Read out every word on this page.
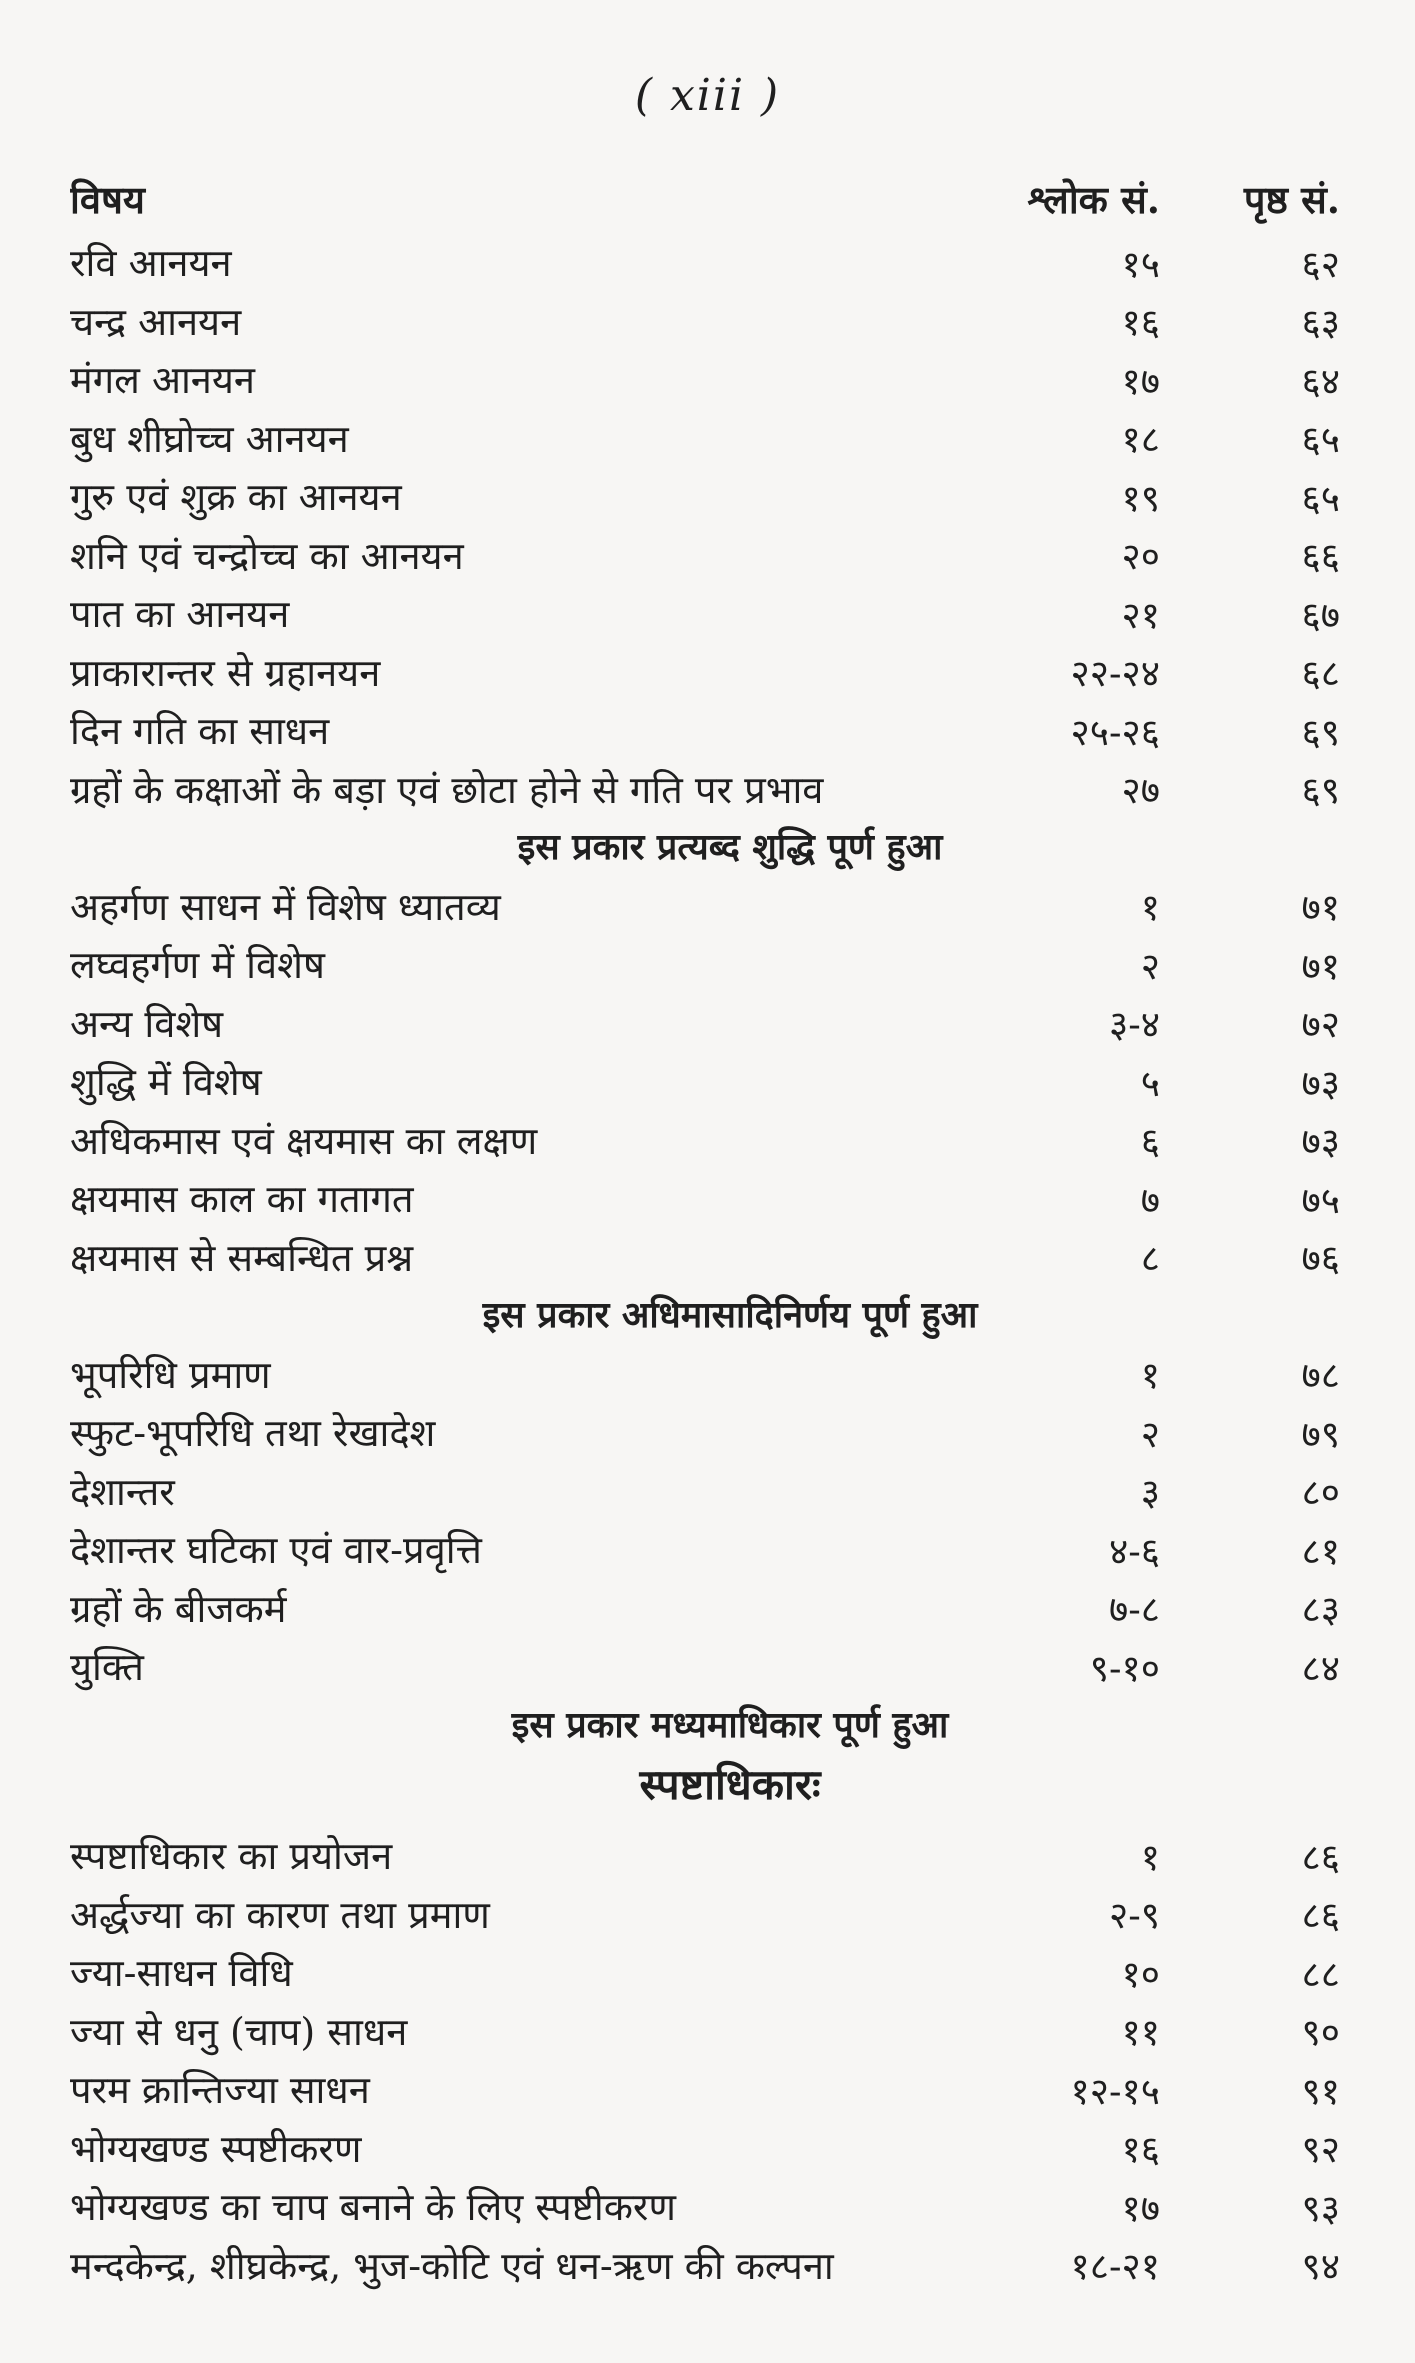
( xiii )
विषय	श्लोक सं.	पृष्ठ सं.
रवि आनयन	१५	६२
चन्द्र आनयन	१६	६३
मंगल आनयन	१७	६४
बुध शीघ्रोच्च आनयन	१८	६५
गुरु एवं शुक्र का आनयन	१९	६५
शनि एवं चन्द्रोच्च का आनयन	२०	६६
पात का आनयन	२१	६७
प्राकारान्तर से ग्रहानयन	२२-२४	६८
दिन गति का साधन	२५-२६	६९
ग्रहों के कक्षाओं के बड़ा एवं छोटा होने से गति पर प्रभाव	२७	६९
इस प्रकार प्रत्यब्द शुद्धि पूर्ण हुआ
अहर्गण साधन में विशेष ध्यातव्य	१	७१
लघ्वहर्गण में विशेष	२	७१
अन्य विशेष	३-४	७२
शुद्धि में विशेष	५	७३
अधिकमास एवं क्षयमास का लक्षण	६	७३
क्षयमास काल का गतागत	७	७५
क्षयमास से सम्बन्धित प्रश्न	८	७६
इस प्रकार अधिमासादिनिर्णय पूर्ण हुआ
भूपरिधि प्रमाण	१	७८
स्फुट-भूपरिधि तथा रेखादेश	२	७९
देशान्तर	३	८०
देशान्तर घटिका एवं वार-प्रवृत्ति	४-६	८१
ग्रहों के बीजकर्म	७-८	८३
युक्ति	९-१०	८४
इस प्रकार मध्यमाधिकार पूर्ण हुआ
स्पष्टाधिकारः
स्पष्टाधिकार का प्रयोजन	१	८६
अर्द्धज्या का कारण तथा प्रमाण	२-९	८६
ज्या-साधन विधि	१०	८८
ज्या से धनु (चाप) साधन	११	९०
परम क्रान्तिज्या साधन	१२-१५	९१
भोग्यखण्ड स्पष्टीकरण	१६	९२
भोग्यखण्ड का चाप बनाने के लिए स्पष्टीकरण	१७	९३
मन्दकेन्द्र, शीघ्रकेन्द्र, भुज-कोटि एवं धन-ऋण की कल्पना	१८-२१	९४
